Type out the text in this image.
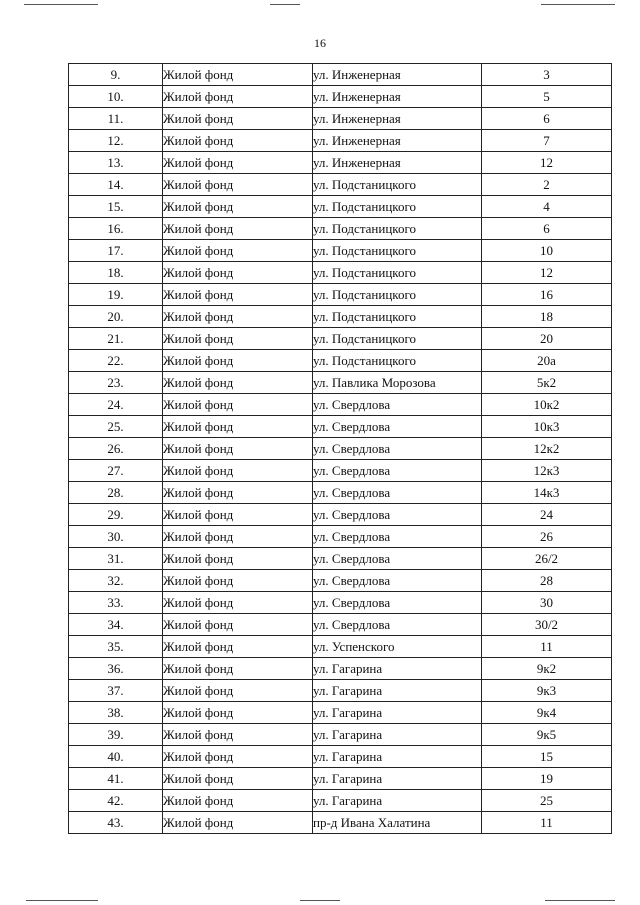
16
9.	Жилой фонд	ул. Инженерная	3
10.	Жилой фонд	ул. Инженерная	5
11.	Жилой фонд	ул. Инженерная	6
12.	Жилой фонд	ул. Инженерная	7
13.	Жилой фонд	ул. Инженерная	12
14.	Жилой фонд	ул. Подстаницкого	2
15.	Жилой фонд	ул. Подстаницкого	4
16.	Жилой фонд	ул. Подстаницкого	6
17.	Жилой фонд	ул. Подстаницкого	10
18.	Жилой фонд	ул. Подстаницкого	12
19.	Жилой фонд	ул. Подстаницкого	16
20.	Жилой фонд	ул. Подстаницкого	18
21.	Жилой фонд	ул. Подстаницкого	20
22.	Жилой фонд	ул. Подстаницкого	20а
23.	Жилой фонд	ул. Павлика Морозова	5к2
24.	Жилой фонд	ул. Свердлова	10к2
25.	Жилой фонд	ул. Свердлова	10к3
26.	Жилой фонд	ул. Свердлова	12к2
27.	Жилой фонд	ул. Свердлова	12к3
28.	Жилой фонд	ул. Свердлова	14к3
29.	Жилой фонд	ул. Свердлова	24
30.	Жилой фонд	ул. Свердлова	26
31.	Жилой фонд	ул. Свердлова	26/2
32.	Жилой фонд	ул. Свердлова	28
33.	Жилой фонд	ул. Свердлова	30
34.	Жилой фонд	ул. Свердлова	30/2
35.	Жилой фонд	ул. Успенского	11
36.	Жилой фонд	ул. Гагарина	9к2
37.	Жилой фонд	ул. Гагарина	9к3
38.	Жилой фонд	ул. Гагарина	9к4
39.	Жилой фонд	ул. Гагарина	9к5
40.	Жилой фонд	ул. Гагарина	15
41.	Жилой фонд	ул. Гагарина	19
42.	Жилой фонд	ул. Гагарина	25
43.	Жилой фонд	пр-д Ивана Халатина	11
